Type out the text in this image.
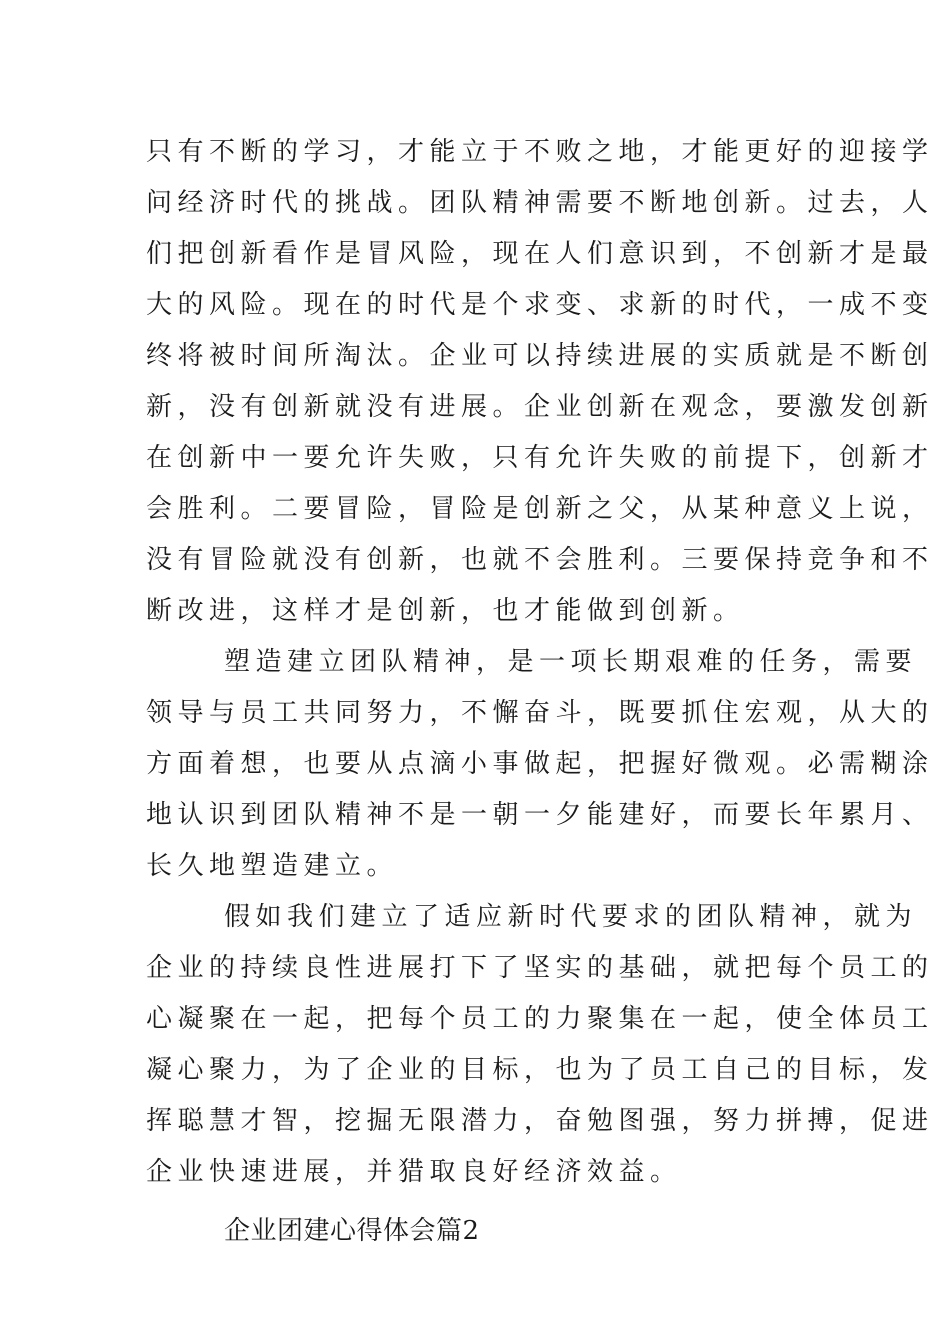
只有不断的学习，才能立于不败之地，才能更好的迎接学
问经济时代的挑战。团队精神需要不断地创新。过去，人
们把创新看作是冒风险，现在人们意识到，不创新才是最
大的风险。现在的时代是个求变、求新的时代，一成不变
终将被时间所淘汰。企业可以持续进展的实质就是不断创
新，没有创新就没有进展。企业创新在观念，要激发创新
在创新中一要允许失败，只有允许失败的前提下，创新才
会胜利。二要冒险，冒险是创新之父，从某种意义上说，
没有冒险就没有创新，也就不会胜利。三要保持竞争和不
断改进，这样才是创新，也才能做到创新。
塑造建立团队精神，是一项长期艰难的任务，需要
领导与员工共同努力，不懈奋斗，既要抓住宏观，从大的
方面着想，也要从点滴小事做起，把握好微观。必需糊涂
地认识到团队精神不是一朝一夕能建好，而要长年累月、
长久地塑造建立。
假如我们建立了适应新时代要求的团队精神，就为
企业的持续良性进展打下了坚实的基础，就把每个员工的
心凝聚在一起，把每个员工的力聚集在一起，使全体员工
凝心聚力，为了企业的目标，也为了员工自己的目标，发
挥聪慧才智，挖掘无限潜力，奋勉图强，努力拼搏，促进
企业快速进展，并猎取良好经济效益。
企业团建心得体会篇2
